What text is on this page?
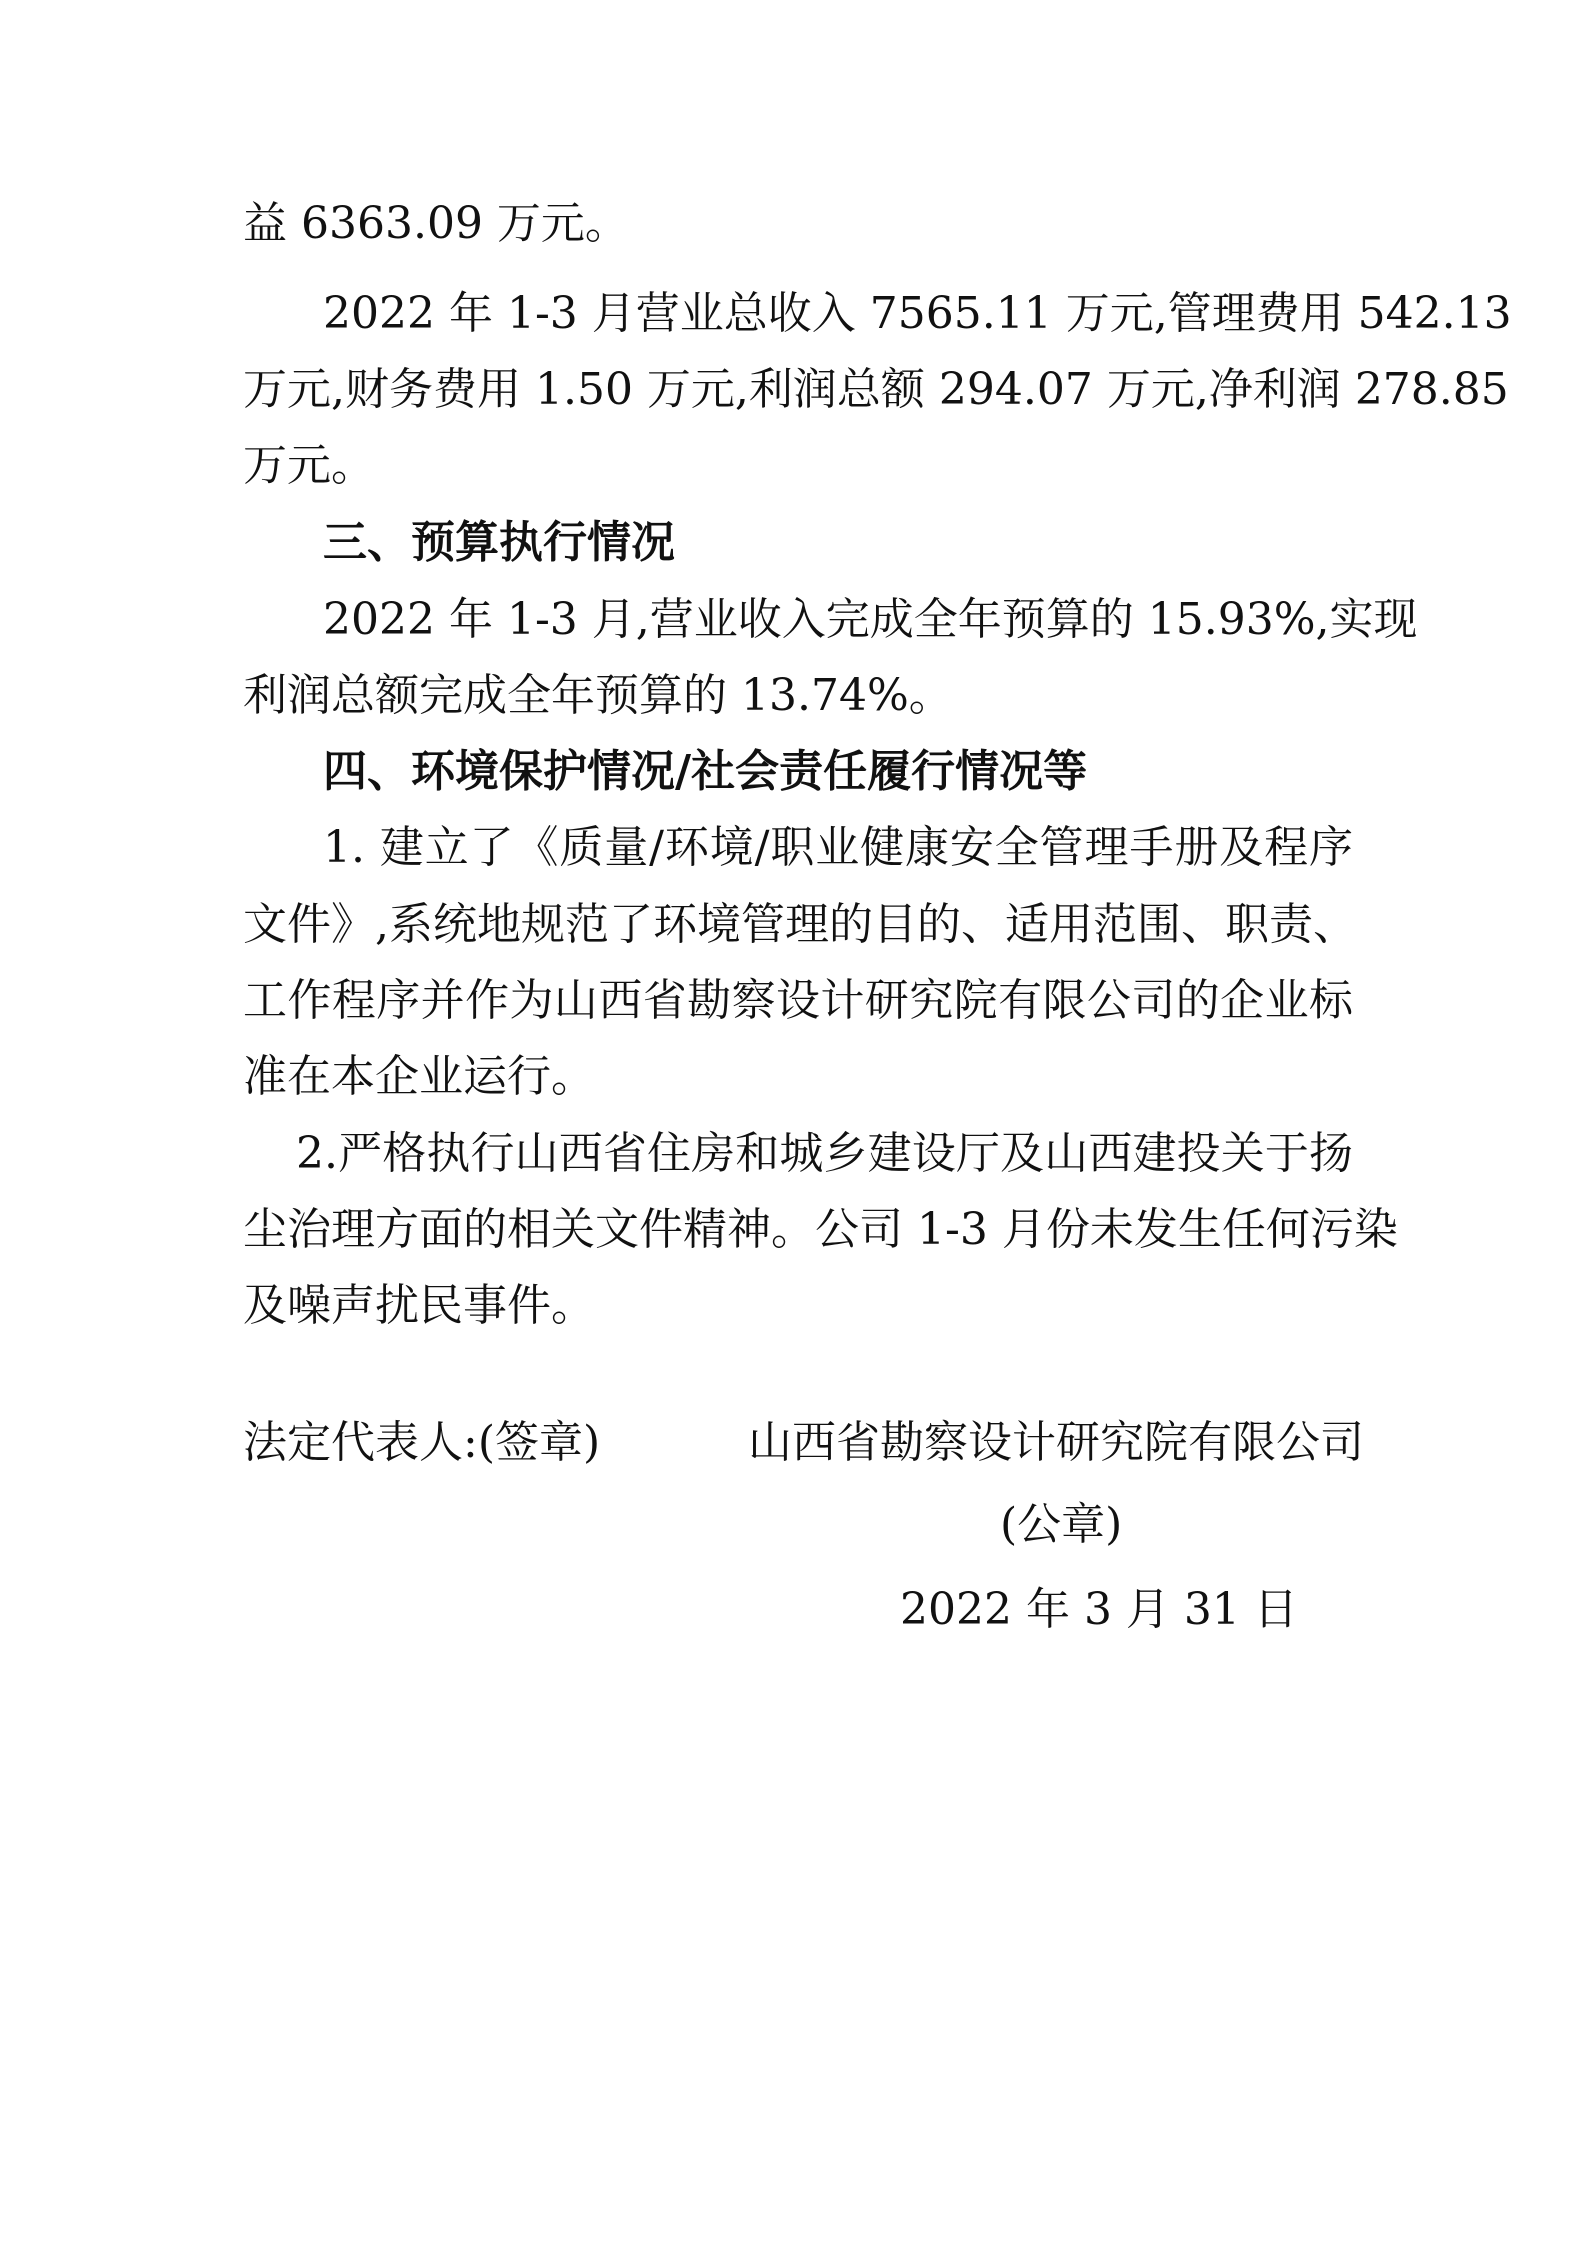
益 6363.09 万元。
2022 年 1-3 月营业总收入 7565.11 万元,管理费用 542.13
万元,财务费用 1.50 万元,利润总额 294.07 万元,净利润 278.85
万元。
三、预算执行情况
2022 年 1-3 月,营业收入完成全年预算的 15.93%,实现
利润总额完成全年预算的 13.74%。
四、环境保护情况/社会责任履行情况等
1. 建立了《质量/环境/职业健康安全管理手册及程序
文件》,系统地规范了环境管理的目的、适用范围、职责、
工作程序并作为山西省勘察设计研究院有限公司的企业标
准在本企业运行。
2.严格执行山西省住房和城乡建设厅及山西建投关于扬
尘治理方面的相关文件精神。公司 1-3 月份未发生任何污染
及噪声扰民事件。
法定代表人:(签章)	山西省勘察设计研究院有限公司
(公章)
2022 年 3 月 31 日
